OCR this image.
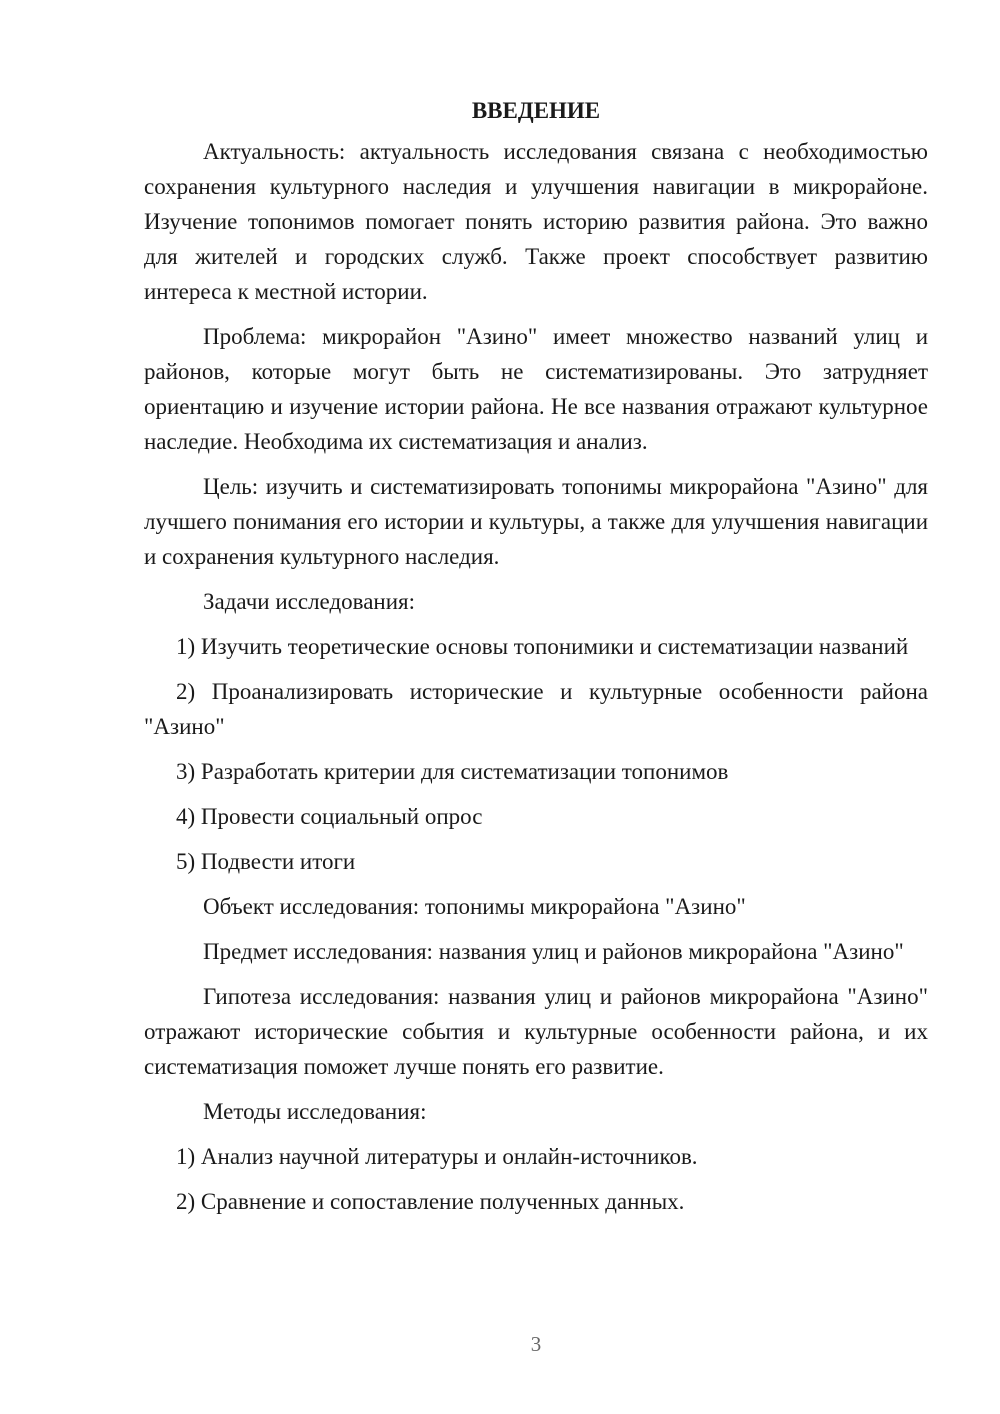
ВВЕДЕНИЕ
Актуальность: актуальность исследования связана с необходимостью сохранения культурного наследия и улучшения навигации в микрорайоне. Изучение топонимов помогает понять историю развития района. Это важно для жителей и городских служб. Также проект способствует развитию интереса к местной истории.
Проблема: микрорайон "Азино" имеет множество названий улиц и районов, которые могут быть не систематизированы. Это затрудняет ориентацию и изучение истории района. Не все названия отражают культурное наследие. Необходима их систематизация и анализ.
Цель: изучить и систематизировать топонимы микрорайона "Азино" для лучшего понимания его истории и культуры, а также для улучшения навигации и сохранения культурного наследия.
Задачи исследования:
1) Изучить теоретические основы топонимики и систематизации названий
2) Проанализировать исторические и культурные особенности района "Азино"
3) Разработать критерии для систематизации топонимов
4) Провести социальный опрос
5) Подвести итоги
Объект исследования: топонимы микрорайона "Азино"
Предмет исследования: названия улиц и районов микрорайона "Азино"
Гипотеза исследования: названия улиц и районов микрорайона "Азино" отражают исторические события и культурные особенности района, и их систематизация поможет лучше понять его развитие.
Методы исследования:
1) Анализ научной литературы и онлайн-источников.
2) Сравнение и сопоставление полученных данных.
3
